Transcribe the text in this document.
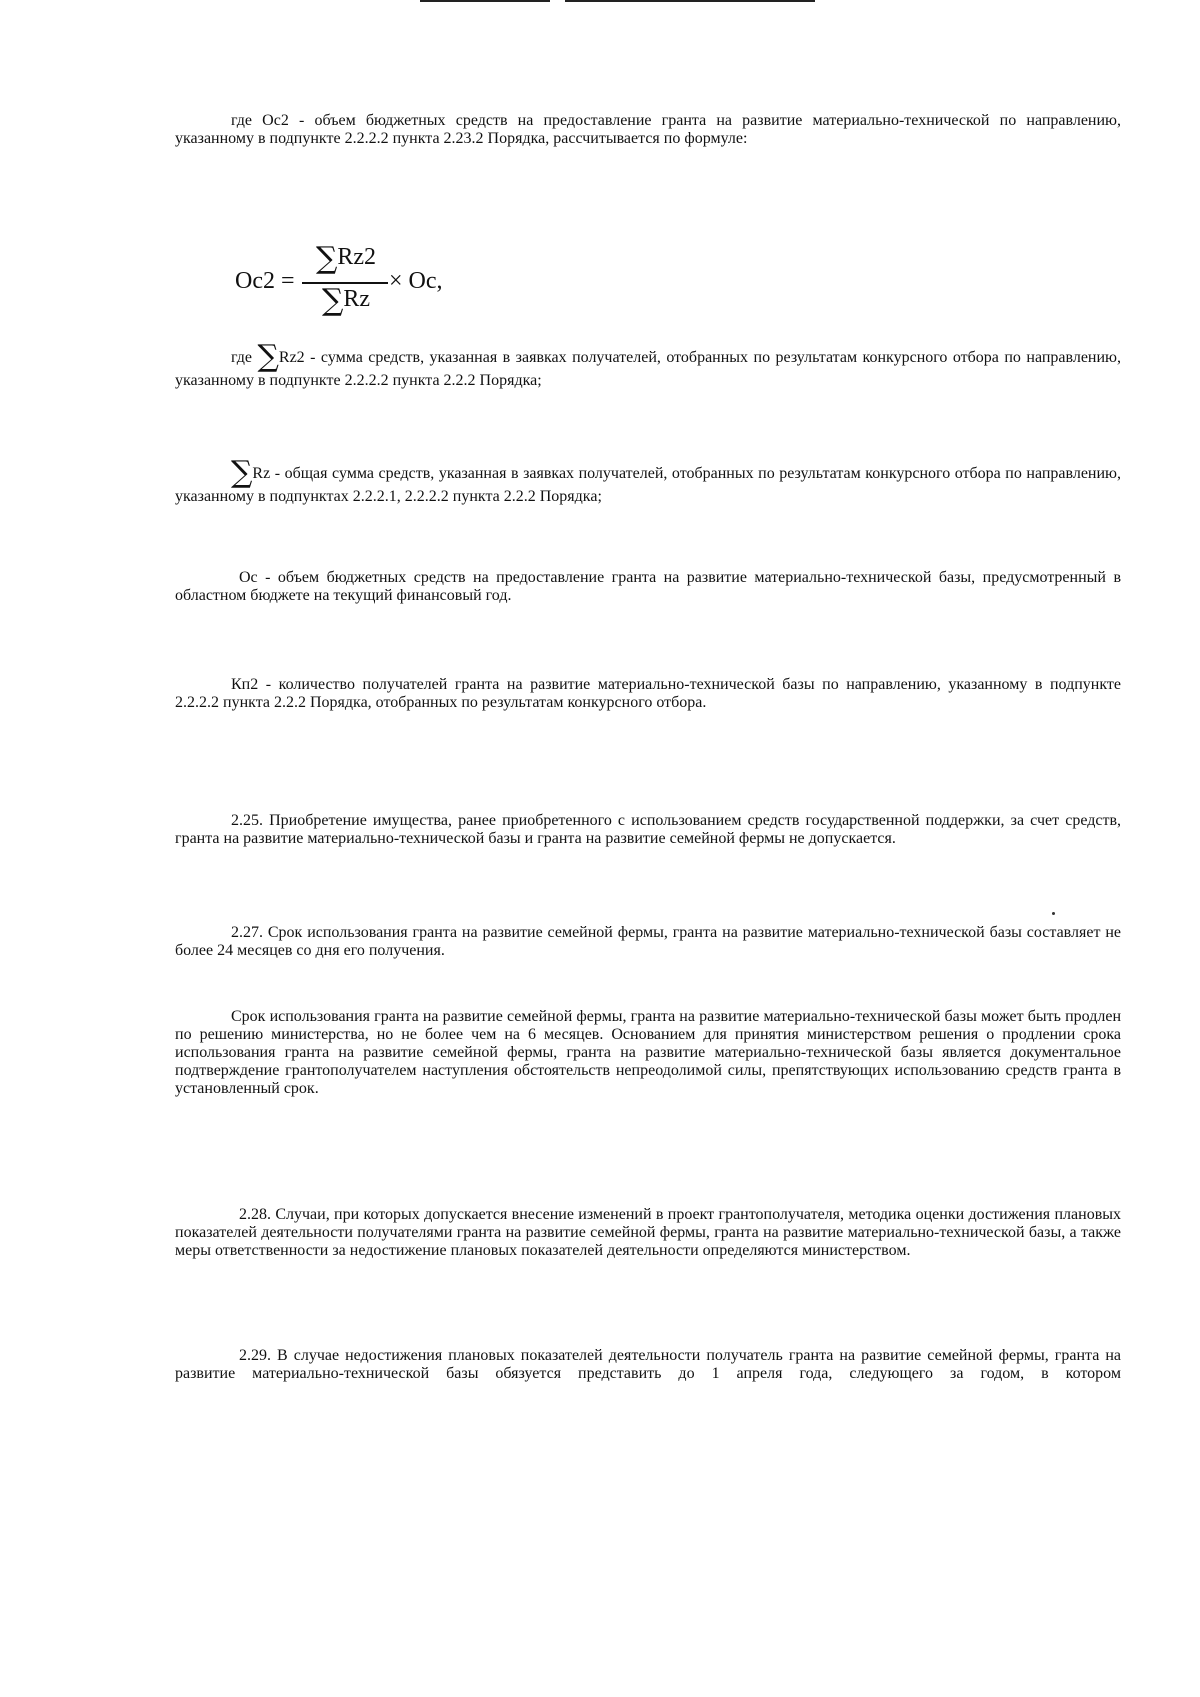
где Ос2 - объем бюджетных средств на предоставление гранта на развитие материально-технической по направлению, указанному в подпункте 2.2.2.2 пункта 2.23.2 Порядка, рассчитывается по формуле:

Ос2 =
∑Rz2
∑Rz
× Ос,

где ∑Rz2 - сумма средств, указанная в заявках получателей, отобранных по результатам конкурсного отбора по направлению, указанному в подпункте 2.2.2.2 пункта 2.2.2 Порядка;

∑Rz - общая сумма средств, указанная в заявках получателей, отобранных по результатам конкурсного отбора по направлению, указанному в подпунктах 2.2.2.1, 2.2.2.2 пункта 2.2.2 Порядка;

Ос - объем бюджетных средств на предоставление гранта на развитие материально-технической базы, предусмотренный в областном бюджете на текущий финансовый год.

Кп2 - количество получателей гранта на развитие материально-технической базы по направлению, указанному в подпункте 2.2.2.2 пункта 2.2.2 Порядка, отобранных по результатам конкурсного отбора.

2.25. Приобретение имущества, ранее приобретенного с использованием средств государственной поддержки, за счет средств, гранта на развитие материально-технической базы и гранта на развитие семейной фермы не допускается.

2.27. Срок использования гранта на развитие семейной фермы, гранта на развитие материально-технической базы составляет не более 24 месяцев со дня его получения.

Срок использования гранта на развитие семейной фермы, гранта на развитие материально-технической базы может быть продлен по решению министерства, но не более чем на 6 месяцев. Основанием для принятия министерством решения о продлении срока использования гранта на развитие семейной фермы, гранта на развитие материально-технической базы является документальное подтверждение грантополучателем наступления обстоятельств непреодолимой силы, препятствующих использованию средств гранта в установленный срок.

2.28. Случаи, при которых допускается внесение изменений в проект грантополучателя, методика оценки достижения плановых показателей деятельности получателями гранта на развитие семейной фермы, гранта на развитие материально-технической базы, а также меры ответственности за недостижение плановых показателей деятельности определяются министерством.

2.29. В случае недостижения плановых показателей деятельности получатель гранта на развитие семейной фермы, гранта на развитие материально-технической базы обязуется представить до 1 апреля года, следующего за годом, в котором
